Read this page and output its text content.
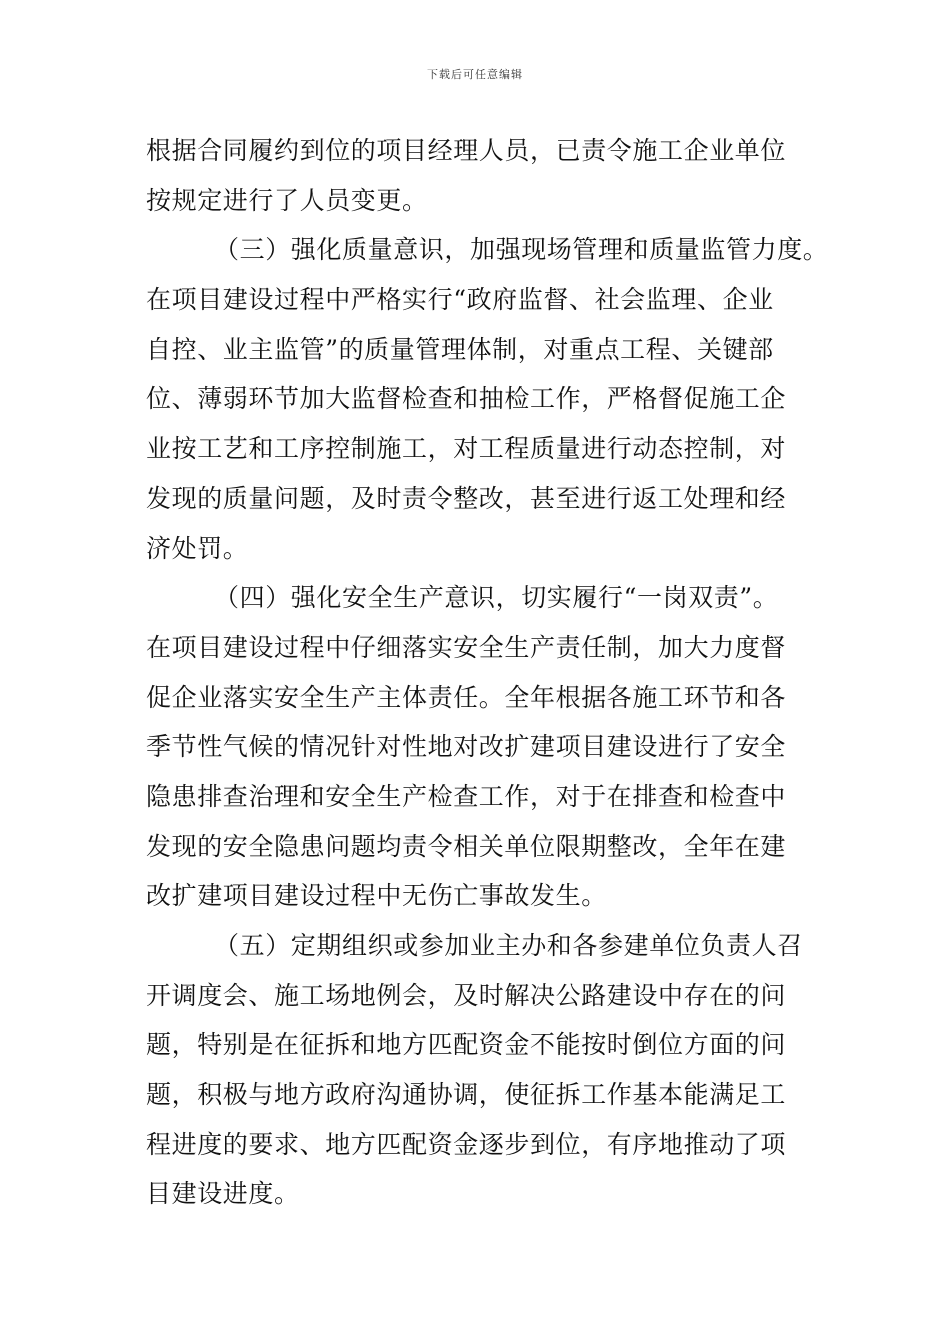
下载后可任意编辑
根据合同履约到位的项目经理人员，已责令施工企业单位
按规定进行了人员变更。
（三）强化质量意识，加强现场管理和质量监管力度。
在项目建设过程中严格实行“政府监督、社会监理、企业
自控、业主监管”的质量管理体制，对重点工程、关键部
位、薄弱环节加大监督检查和抽检工作，严格督促施工企
业按工艺和工序控制施工，对工程质量进行动态控制，对
发现的质量问题，及时责令整改，甚至进行返工处理和经
济处罚。
（四）强化安全生产意识，切实履行“一岗双责”。
在项目建设过程中仔细落实安全生产责任制，加大力度督
促企业落实安全生产主体责任。全年根据各施工环节和各
季节性气候的情况针对性地对改扩建项目建设进行了安全
隐患排查治理和安全生产检查工作，对于在排查和检查中
发现的安全隐患问题均责令相关单位限期整改，全年在建
改扩建项目建设过程中无伤亡事故发生。
（五）定期组织或参加业主办和各参建单位负责人召
开调度会、施工场地例会，及时解决公路建设中存在的问
题，特别是在征拆和地方匹配资金不能按时倒位方面的问
题，积极与地方政府沟通协调，使征拆工作基本能满足工
程进度的要求、地方匹配资金逐步到位，有序地推动了项
目建设进度。
